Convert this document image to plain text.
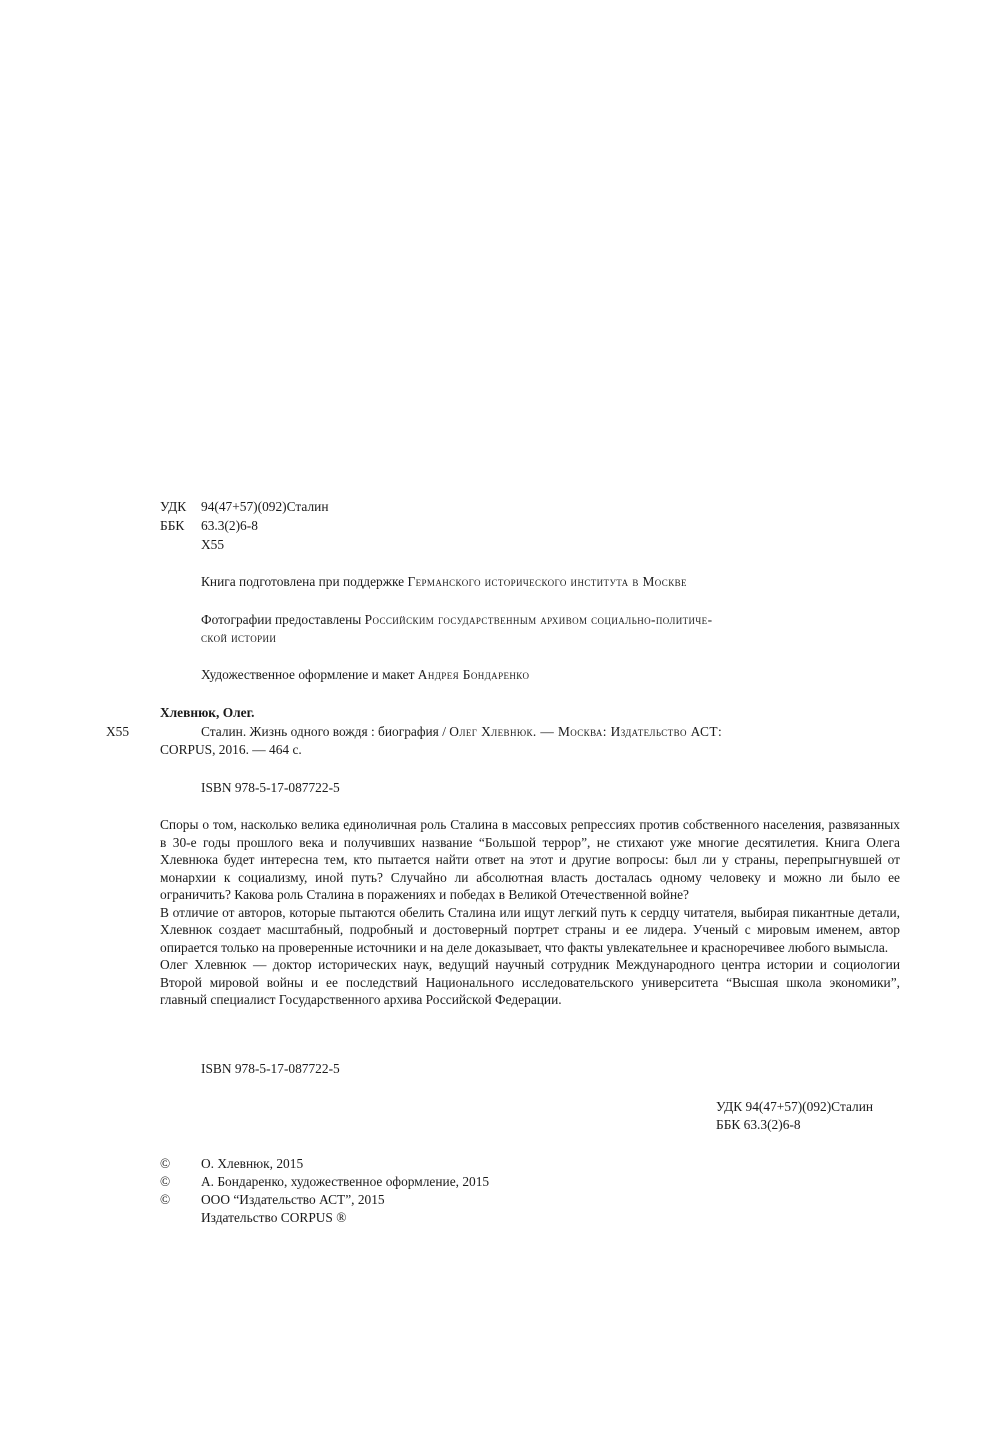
УДК 94(47+57)(092)Сталин
ББК 63.3(2)6-8
Х55
Книга подготовлена при поддержке Германского исторического института в Москве
Фотографии предоставлены Российским государственным архивом социально-политиче-
ской истории
Художественное оформление и макет Андрея Бондаренко
Хлевнюк, Олег.
Х55	Сталин. Жизнь одного вождя : биография / Олег Хлевнюк. — Москва: Издательство АСТ:
CORPUS, 2016. — 464 с.
ISBN 978-5-17-087722-5

Споры о том, насколько велика единоличная роль Сталина в массовых репрессиях против собственного населения, развязанных в 30-е годы прошлого века и получивших название “Большой террор”, не стихают уже многие десятилетия. Книга Олега Хлевнюка будет интересна тем, кто пытается найти ответ на этот и другие вопросы: был ли у страны, перепрыгнувшей от монархии к социализму, иной путь? Случайно ли абсолютная власть досталась одному человеку и можно ли было ее ограничить? Какова роль Сталина в поражениях и победах в Великой Отечественной войне?

В отличие от авторов, которые пытаются обелить Сталина или ищут легкий путь к сердцу читателя, выбирая пикантные детали, Хлевнюк создает масштабный, подробный и достоверный портрет страны и ее лидера. Ученый с мировым именем, автор опирается только на проверенные источники и на деле доказывает, что факты увлекательнее и красноречивее любого вымысла.

Олег Хлевнюк — доктор исторических наук, ведущий научный сотрудник Международного центра истории и социологии Второй мировой войны и ее последствий Национального исследовательского университета “Высшая школа экономики”, главный специалист Государственного архива Российской Федерации.

ISBN 978-5-17-087722-5
УДК 94(47+57)(092)Сталин
ББК 63.3(2)6-8
© О. Хлевнюк, 2015
© А. Бондаренко, художественное оформление, 2015
© ООО “Издательство АСТ”, 2015
Издательство CORPUS ®
